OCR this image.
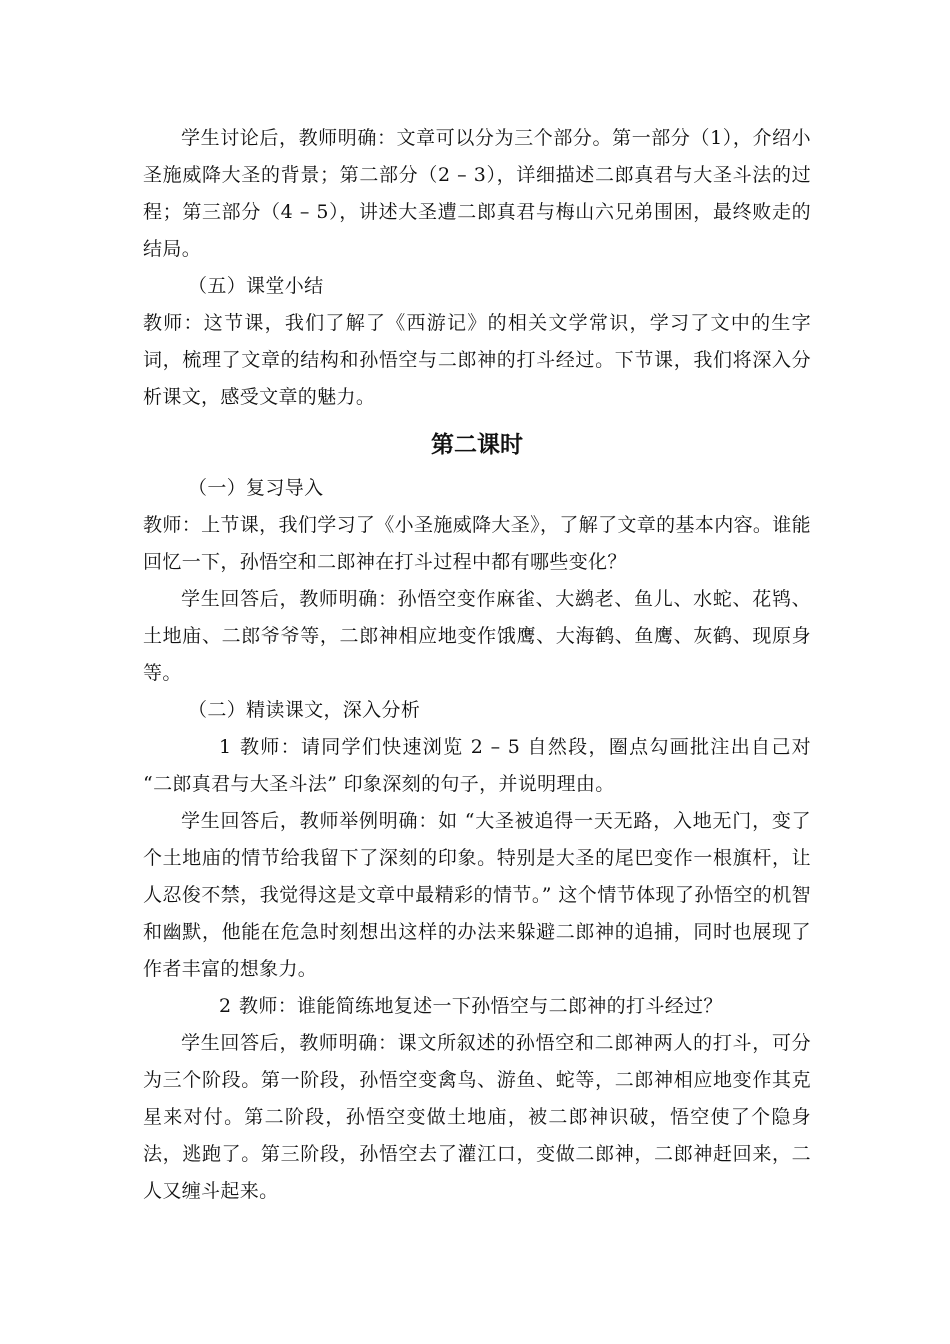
学生讨论后，教师明确：文章可以分为三个部分。第一部分（1），介绍小圣施威降大圣的背景；第二部分（2 – 3），详细描述二郎真君与大圣斗法的过程；第三部分（4 – 5），讲述大圣遭二郎真君与梅山六兄弟围困，最终败走的结局。

（五）课堂小结

教师：这节课，我们了解了《西游记》的相关文学常识，学习了文中的生字词，梳理了文章的结构和孙悟空与二郎神的打斗经过。下节课，我们将深入分析课文，感受文章的魅力。

第二课时

（一）复习导入

教师：上节课，我们学习了《小圣施威降大圣》，了解了文章的基本内容。谁能回忆一下，孙悟空和二郎神在打斗过程中都有哪些变化？

学生回答后，教师明确：孙悟空变作麻雀、大鹚老、鱼儿、水蛇、花鸨、土地庙、二郎爷爷等，二郎神相应地变作饿鹰、大海鹤、鱼鹰、灰鹤、现原身等。

（二）精读课文，深入分析

1 教师：请同学们快速浏览 2 – 5 自然段，圈点勾画批注出自己对 “二郎真君与大圣斗法” 印象深刻的句子，并说明理由。

学生回答后，教师举例明确：如 “大圣被追得一天无路，入地无门，变了个土地庙的情节给我留下了深刻的印象。特别是大圣的尾巴变作一根旗杆，让人忍俊不禁，我觉得这是文章中最精彩的情节。” 这个情节体现了孙悟空的机智和幽默，他能在危急时刻想出这样的办法来躲避二郎神的追捕，同时也展现了作者丰富的想象力。

2 教师：谁能简练地复述一下孙悟空与二郎神的打斗经过？

学生回答后，教师明确：课文所叙述的孙悟空和二郎神两人的打斗，可分为三个阶段。第一阶段，孙悟空变禽鸟、游鱼、蛇等，二郎神相应地变作其克星来对付。第二阶段，孙悟空变做土地庙，被二郎神识破，悟空使了个隐身法，逃跑了。第三阶段，孙悟空去了灌江口，变做二郎神，二郎神赶回来，二人又缠斗起来。
